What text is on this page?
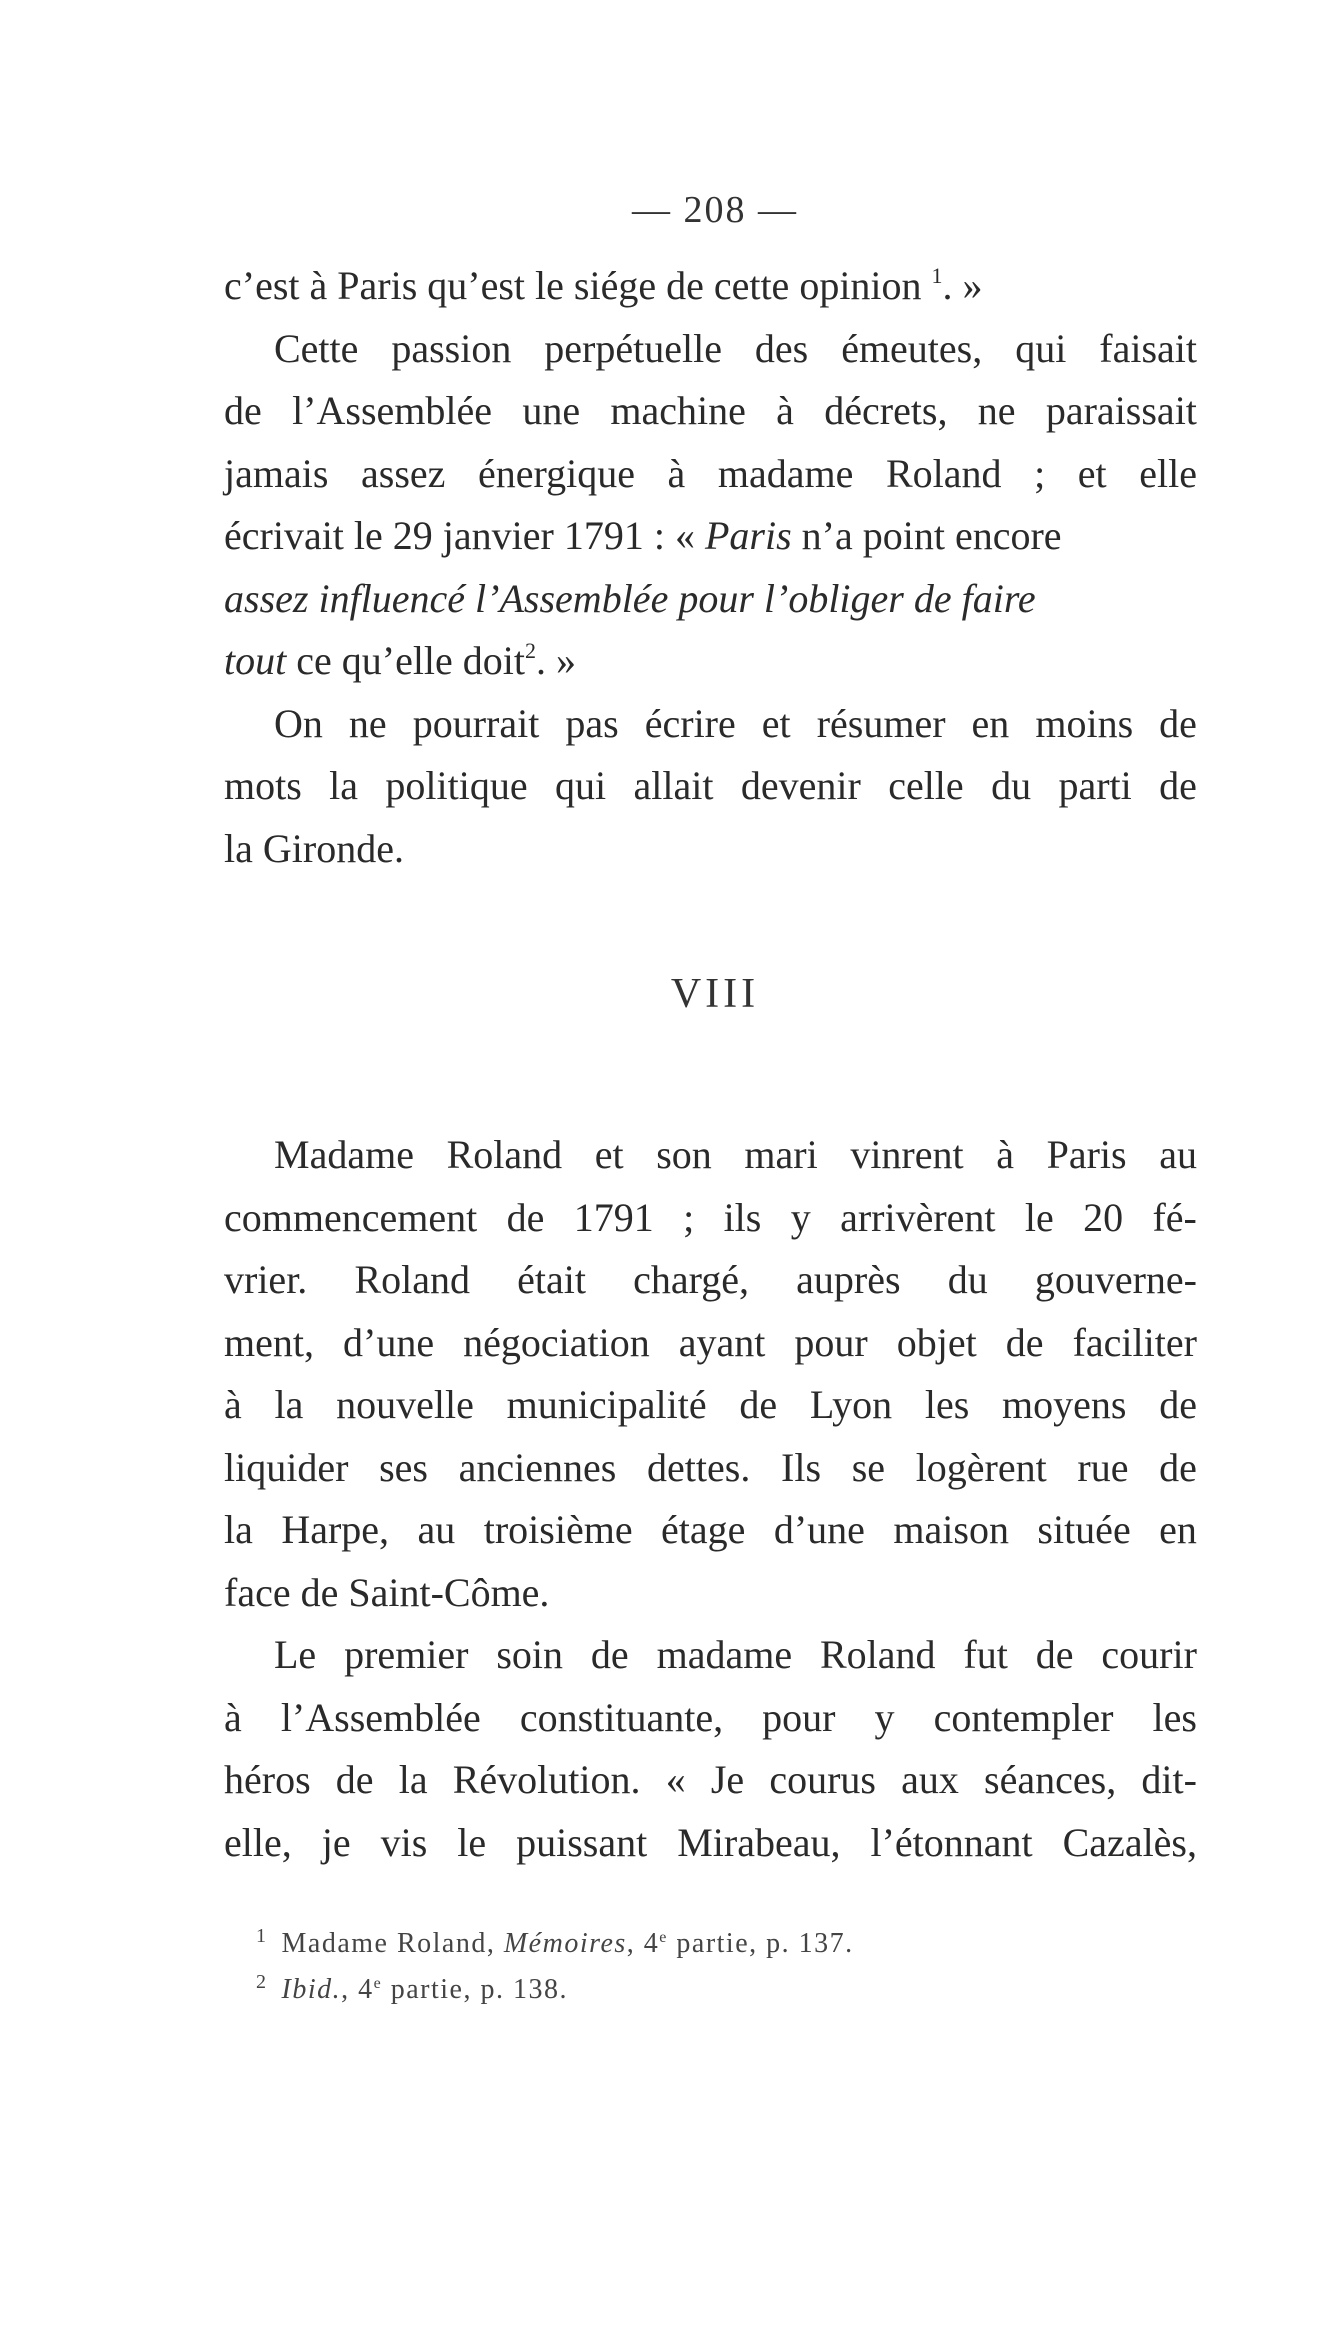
— 208 —
c’est à Paris qu’est le siége de cette opinion $^1$. »
Cette passion perpétuelle des émeutes, qui faisait
de l’Assemblée une machine à décrets, ne paraissait
jamais assez énergique à madame Roland ; et elle
écrivait le 29 janvier 1791 : « Paris n’a point encore
assez influencé l’Assemblée pour l’obliger de faire
tout ce qu’elle doit$^2$. »
On ne pourrait pas écrire et résumer en moins de
mots la politique qui allait devenir celle du parti de
la Gironde.
VIII
Madame Roland et son mari vinrent à Paris au
commencement de 1791 ; ils y arrivèrent le 20 fé-
vrier. Roland était chargé, auprès du gouverne-
ment, d’une négociation ayant pour objet de faciliter
à la nouvelle municipalité de Lyon les moyens de
liquider ses anciennes dettes. Ils se logèrent rue de
la Harpe, au troisième étage d’une maison située en
face de Saint-Côme.
Le premier soin de madame Roland fut de courir
à l’Assemblée constituante, pour y contempler les
héros de la Révolution. « Je courus aux séances, dit-
elle, je vis le puissant Mirabeau, l’étonnant Cazalès,
$^1$ Madame Roland, Mémoires, 4e partie, p. 137.
$^2$ Ibid., 4e partie, p. 138.
